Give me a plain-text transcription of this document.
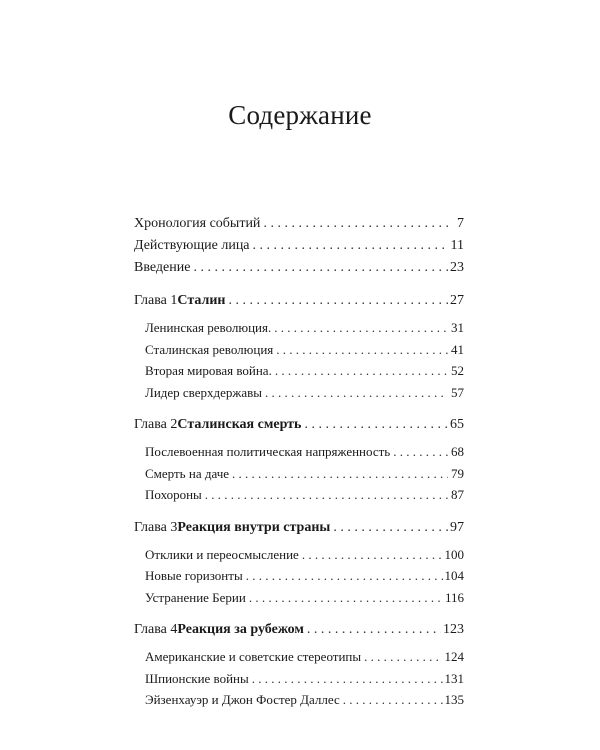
Содержание
Хронология событий . . .	7
Действующие лица . . .	11
Введение . . .	23
Глава 1 Сталин . . .	27
Ленинская революция. . . .	31
Сталинская революция . . .	41
Вторая мировая война. . . .	52
Лидер сверхдержавы . . .	57
Глава 2 Сталинская смерть . . .	65
Послевоенная политическая напряженность . . .	68
Смерть на даче . . .	79
Похороны . . .	87
Глава 3 Реакция внутри страны . . .	97
Отклики и переосмысление . . .	100
Новые горизонты . . .	104
Устранение Берии . . .	116
Глава 4 Реакция за рубежом . . .	123
Американские и советские стереотипы . . .	124
Шпионские войны . . .	131
Эйзенхауэр и Джон Фостер Даллес . . .	135
